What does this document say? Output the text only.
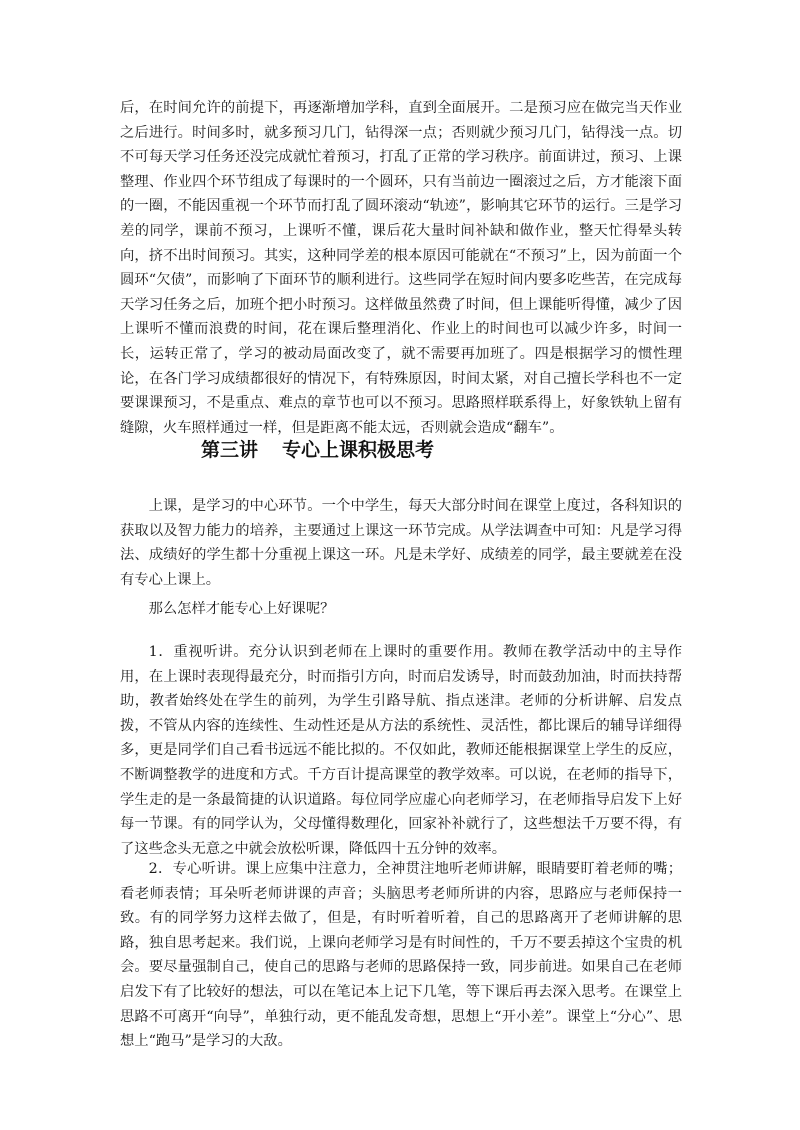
后，在时间允许的前提下，再逐渐增加学科，直到全面展开。二是预习应在做完当天作业之后进行。时间多时，就多预习几门，钻得深一点；否则就少预习几门，钻得浅一点。切不可每天学习任务还没完成就忙着预习，打乱了正常的学习秩序。前面讲过，预习、上课整理、作业四个环节组成了每课时的一个圆环，只有当前边一圈滚过之后，方才能滚下面的一圈，不能因重视一个环节而打乱了圆环滚动“轨迹”，影响其它环节的运行。三是学习差的同学，课前不预习，上课听不懂，课后花大量时间补缺和做作业，整天忙得晕头转向，挤不出时间预习。其实，这种同学差的根本原因可能就在“不预习”上，因为前面一个圆环“欠债”，而影响了下面环节的顺利进行。这些同学在短时间内要多吃些苦，在完成每天学习任务之后，加班个把小时预习。这样做虽然费了时间，但上课能听得懂，减少了因上课听不懂而浪费的时间，花在课后整理消化、作业上的时间也可以减少许多，时间一长，运转正常了，学习的被动局面改变了，就不需要再加班了。四是根据学习的惯性理论，在各门学习成绩都很好的情况下，有特殊原因，时间太紧，对自己擅长学科也不一定要课课预习，不是重点、难点的章节也可以不预习。思路照样联系得上，好象铁轨上留有缝隙，火车照样通过一样，但是距离不能太远，否则就会造成“翻车”。

第三讲 专心上课积极思考

上课，是学习的中心环节。一个中学生，每天大部分时间在课堂上度过，各科知识的获取以及智力能力的培养，主要通过上课这一环节完成。从学法调查中可知：凡是学习得法、成绩好的学生都十分重视上课这一环。凡是未学好、成绩差的同学，最主要就差在没有专心上课上。

那么怎样才能专心上好课呢？

1．重视听讲。充分认识到老师在上课时的重要作用。教师在教学活动中的主导作用，在上课时表现得最充分，时而指引方向，时而启发诱导，时而鼓劲加油，时而扶持帮助，教者始终处在学生的前列，为学生引路导航、指点迷津。老师的分析讲解、启发点拨，不管从内容的连续性、生动性还是从方法的系统性、灵活性，都比课后的辅导详细得多，更是同学们自己看书远远不能比拟的。不仅如此，教师还能根据课堂上学生的反应，不断调整教学的进度和方式。千方百计提高课堂的教学效率。可以说，在老师的指导下，学生走的是一条最简捷的认识道路。每位同学应虚心向老师学习，在老师指导启发下上好每一节课。有的同学认为，父母懂得数理化，回家补补就行了，这些想法千万要不得，有了这些念头无意之中就会放松听课，降低四十五分钟的效率。

2．专心听讲。课上应集中注意力，全神贯注地听老师讲解，眼睛要盯着老师的嘴；看老师表情；耳朵听老师讲课的声音；头脑思考老师所讲的内容，思路应与老师保持一致。有的同学努力这样去做了，但是，有时听着听着，自己的思路离开了老师讲解的思路，独自思考起来。我们说，上课向老师学习是有时间性的，千万不要丢掉这个宝贵的机会。要尽量强制自己，使自己的思路与老师的思路保持一致，同步前进。如果自己在老师启发下有了比较好的想法，可以在笔记本上记下几笔，等下课后再去深入思考。在课堂上思路不可离开“向导”，单独行动，更不能乱发奇想，思想上“开小差”。课堂上“分心”、思想上“跑马”是学习的大敌。
